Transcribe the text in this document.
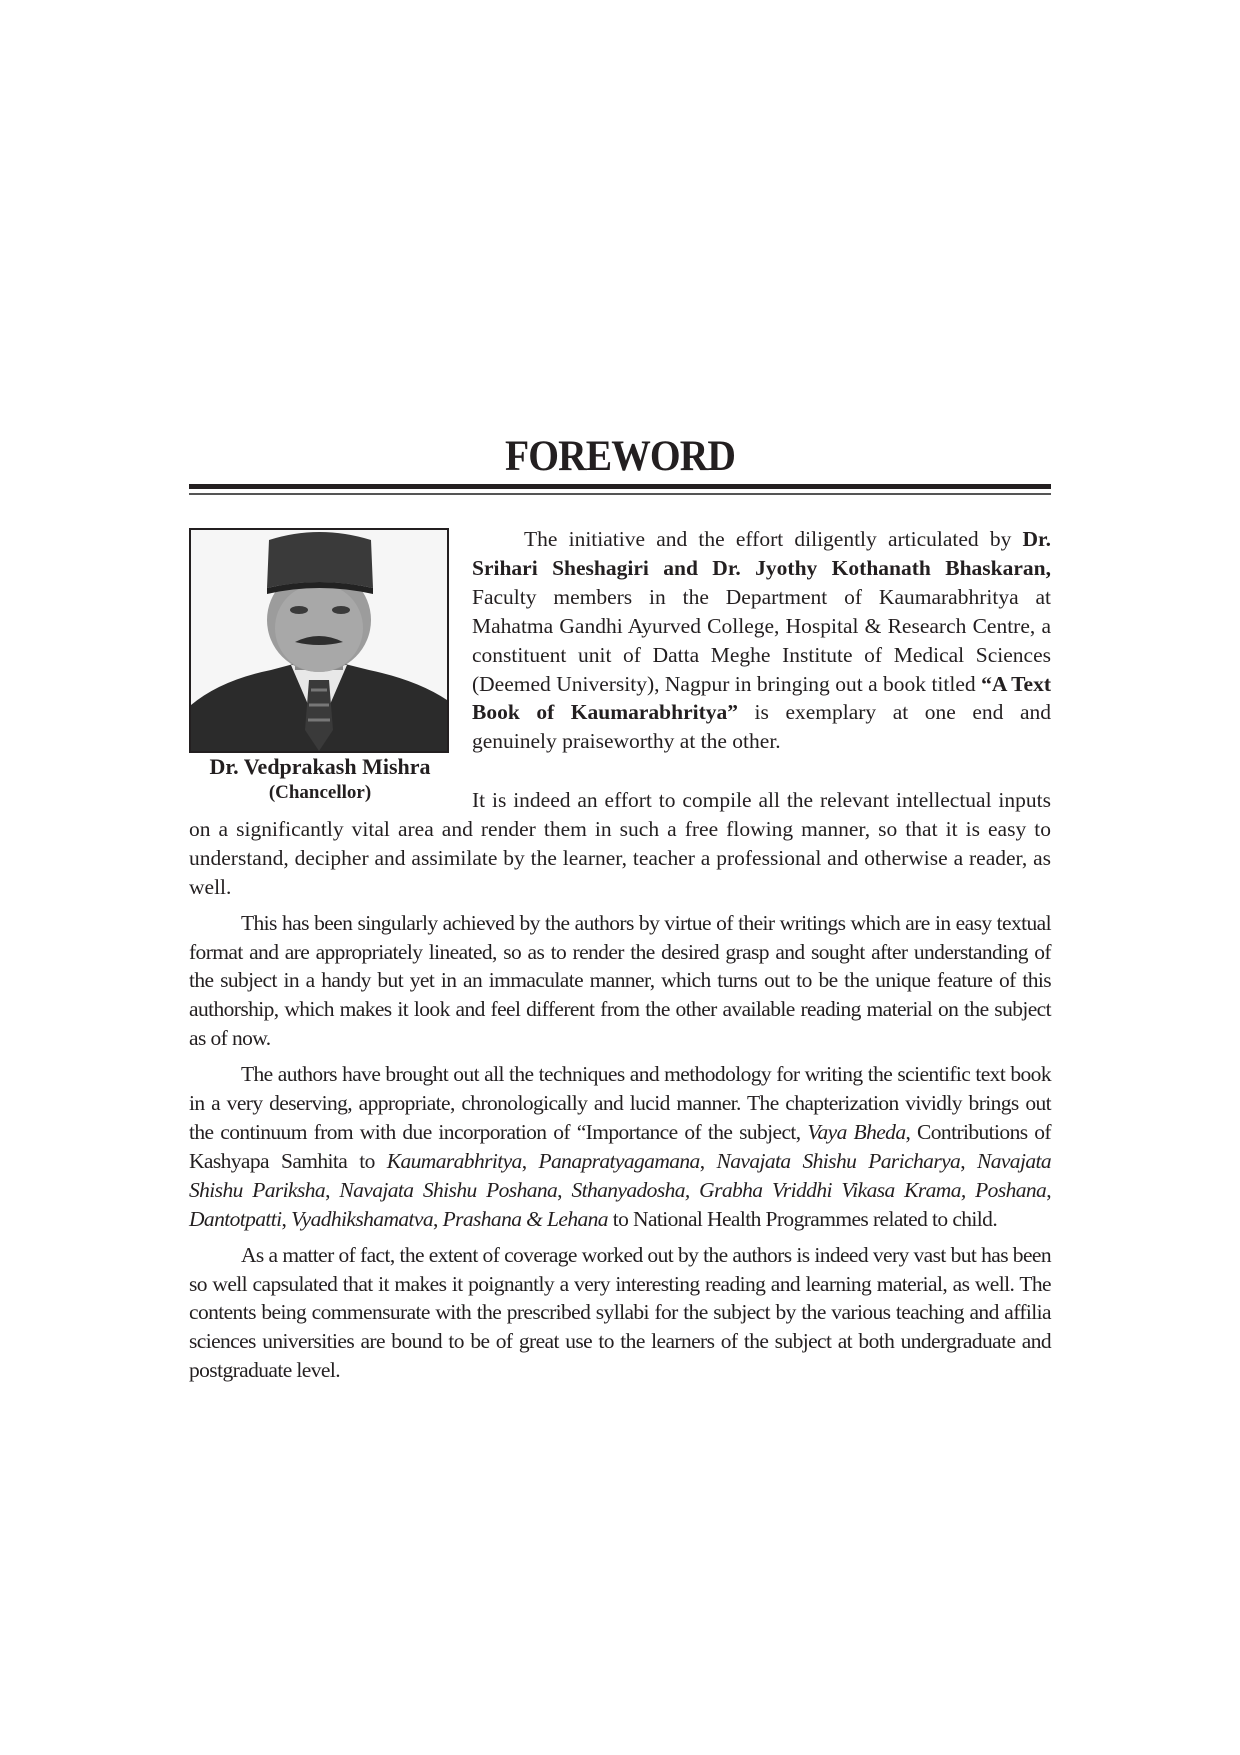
FOREWORD
Dr. Vedprakash Mishra
(Chancellor)

The initiative and the effort diligently articulated by Dr. Srihari Sheshagiri and Dr. Jyothy Kothanath Bhaskaran, Faculty members in the Department of Kaumarabhritya at Mahatma Gandhi Ayurved College, Hospital & Research Centre, a constituent unit of Datta Meghe Institute of Medical Sciences (Deemed University), Nagpur in bringing out a book titled “A Text Book of Kaumarabhritya” is exemplary at one end and genuinely praiseworthy at the other.

It is indeed an effort to compile all the relevant intellectual inputs on a significantly vital area and render them in such a free flowing manner, so that it is easy to understand, decipher and assimilate by the learner, teacher a professional and otherwise a reader, as well.

This has been singularly achieved by the authors by virtue of their writings which are in easy textual format and are appropriately lineated, so as to render the desired grasp and sought after understanding of the subject in a handy but yet in an immaculate manner, which turns out to be the unique feature of this authorship, which makes it look and feel different from the other available reading material on the subject as of now.

The authors have brought out all the techniques and methodology for writing the scientific text book in a very deserving, appropriate, chronologically and lucid manner. The chapterization vividly brings out the continuum from with due incorporation of “Importance of the subject, Vaya Bheda, Contributions of Kashyapa Samhita to Kaumarabhritya, Panapratyagamana, Navajata Shishu Paricharya, Navajata Shishu Pariksha, Navajata Shishu Poshana, Sthanyadosha, Grabha Vriddhi Vikasa Krama, Poshana, Dantotpatti, Vyadhikshamatva, Prashana & Lehana to National Health Programmes related to child.

As a matter of fact, the extent of coverage worked out by the authors is indeed very vast but has been so well capsulated that it makes it poignantly a very interesting reading and learning material, as well. The contents being commensurate with the prescribed syllabi for the subject by the various teaching and affilia sciences universities are bound to be of great use to the learners of the subject at both undergraduate and postgraduate level.
